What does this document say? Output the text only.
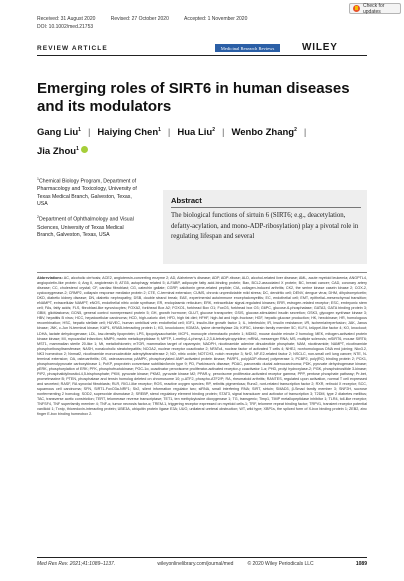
Received: 31 August 2020	Revised: 27 October 2020	Accepted: 1 November 2020
DOI: 10.1002/med.21753
Check for updates
REVIEW ARTICLE	Medicinal Research Reviews	WILEY
Emerging roles of SIRT6 in human diseases and its modulators
Gang Liu$^1$ | Haiying Chen$^1$ | Hua Liu$^2$ | Wenbo Zhang$^2$ |
Jia Zhou$^1$

$^1$Chemical Biology Program, Department of Pharmacology and Toxicology, University of Texas Medical Branch, Galveston, Texas, USA

$^2$Department of Ophthalmology and Visual Sciences, University of Texas Medical Branch, Galveston, Texas, USA

Abstract
The biological functions of sirtuin 6 (SIRT6; e.g., deacetylation, defatty-acylation, and mono-ADP-ribosylation) play a pivotal role in regulating lifespan and several
Abbreviations: AC, alcoholic cirrhosis; ACE2, angiotensin-converting enzyme 2; AD, Alzheimer's disease; ADP, ADP-ribose; ALD, alcohol-related liver disease; AML, acute myeloid leukemia; ANGPTL4, angiopoietin-like protein 4; Ang II, angiotensin II; ATG5, autophagy related 5; A-FABP, adipocyte fatty acid-binding protein; Bax, BCL2-associated X protein; BC, breast cancer; CAD, coronary artery disease; CC, cholesterol crystal; CF, cardiac fibroblast; CG, catechin gallate; CGRP, calcitonin gene-related peptide; CIA, collagen-induced arthritis; CK2, the serine kinase casein kinase 2; COX-2, cyclooxygenase-2; CRMP2, collapsin response mediator protein 2; CTE, C-terminal extension; CUMS, chronic unpredictable mild stress; DC, dendritic cell; DENV, dengue virus; DHM, dihydromyricetin; DKD, diabetic kidney disease; DN, diabetic nephropathy; DSB, double strand break; EAE, experimental autoimmune encephalomyelitis; EC, endothelial cell; EMT, epithelial–mesenchymal transition; eNAMPT, extracellular NAMPT; eNOS, endothelial nitric oxide synthase; ER, endoplasmic reticulum; ERK, extracellular signal-regulated kinases; ERR, estrogen-related receptor; ESC, embryonic stem cell; FAs, fatty acids; FLS, fibroblast-like synoviocytes; FOXA2, forkhead Box A2; FOXO1, forkhead Box O1; FoxO3, forkhead box O3; G6PC, glucose-6-phosphatase; GATA3, GATA binding protein 3; GBM, glioblastoma; GCN5, general control nonrepressed protein 5; GH, growth hormone; GLUT, glucose transporter; GSIS, glucose-stimulated insulin secretion; GSK3, glycogen synthase kinase 3; HBV, hepatitis B virus; HCC, hepatocellular carcinoma; HCD, high-caloric diet; HFD, high fat diet; HFHF, high-fat and high-fructose; HGF, hepatic glucose production; HK, hexokinase; HR, homologous recombination; HSC, hepatic stellate cell; HUVEC, human umbilical vein endothelial cell; IGF1, insulin-like growth factor 1; IL, interleukin; IR, insulin resistance; I/R, ischemia/reperfusion; JAK, Janus kinase; JNK, c-Jun N-terminal kinase; KAP1, KRAB-interacting protein 1; KD, knockdown; KDM2A, lysine demethylase 2A; KIF5C, kinesin family member 5C; KLF4, krüppel-like factor 4; KO, knockout; LDHA, lactate dehydrogenase; LDL, low-density lipoprotein; LPS, lipopolysaccharide; MCP1, monocyte chemotactic protein 1; MDM2, mouse double minute 2 homolog; MEK, mitogen-activated protein kinase kinase; MI, myocardial infarction; MMP9, matrix metallopeptidase 9; MPTP, 1-methyl-4-phenyl-1,2,3,6-tetrahydropyridine; mRNA, messenger RNA; MS, multiple sclerosis; mSIRT6, mouse SIRT6; MST1, mammalian sterile 20-like 1; Mt, metallothionein; mTOR, mammalian target of rapamycin; NADPH, nicotinamide adenine dinucleotide phosphate; NAM, nicotinamide; NAMPT, nicotinamide phosphoribosyltransferase; NASH, nonalcoholic steatohepatitis; NCOA2, nuclear receptor coactivator 2; NFATc4, nuclear factor of activated T cells 4; NHEJ, nonhomologous DNA end joining; Nkx3.2, NK3 homeobox 2; Nnmat2, nicotinamide mononucleotide adenylyltransferase 2; NO, nitric oxide; NOTCH3, notch receptor 3; Nrf2, NF-E2-related factor 2; NSCLC, non-small cell lung cancer; NTE, N-terminal extension; OA, osteoarthritis; OS, osteosarcoma; pAMPK, phosphorylated AMP-activated protein kinase; PARP1, poly(ADP-ribose) polymerase 1; PCBP2, poly(RC) binding protein 2; PCK1, phosphoenolpyruvate carboxykinase 1; PcKP, proprotein convertase subtilisin/kexin type 9; PD, Parkinson's disease; PDAC, pancreatic ductal adenocarcinoma; PDK, pyruvate dehydrogenase kinase; pERK, phosphorylation of ERK; PFK, phosphofructokinase; PGC-1α, coactivator peroxisome proliferator-activated receptor-γ coactivator 1-α; PHD, prolyl hydroxylase-2; PI3K, phosphoinositide 3-kinase; PIP2, phosphatidylinositol-4,5-bisphosphate; PKM, pyruvate kinase; PKM2, pyruvate kinase M2; PPAR-γ, peroxisome proliferator-activated receptor gamma; PPP, pentose phosphate pathway; Pr-bet, prometmaxine B; PTEN, phosphatase and tensin homolog deleted on chromosome 10; p-ATF2, phospho-ATF2/P; RA, rheumatoid arthritis; RANTES, regulated upon activation, normal T cell expressed and secreted; RASF, RA synovial fibroblasts; RLR, RIG-I-like receptor; ROS, reactive oxygen species; RP, retinitis pigmentosa; Runx2, runt-related transcription factor 2; RXR, retinoid X receptor; SCC, squamous cell carcinoma; SFN, SIRT1-FoxO3a-NRF1; Sir2, silent information regulator two; siRNA, small interfering RNA; SIRT, sirtuin; SMAD3, β-Smad family member 3; SNF2H, sucrose nonfermenting 2 homolog; SOD2, superoxide dismutase 2; SREBP, sterol regulatory element binding protein; STAT3, signal transducer and activator of transcription 3; T2DM, type 2 diabetes mellitus; TAC, transverse aortic constriction; TERT, telomerase reverse transcriptase; TET1, ten methylcytosine dioxygenase 1; TG, transgenic; Timp1, TIMP metallopeptidase inhibitor 1; TLR4, toll-like receptor; TNFSF4, TNF superfamily member 4; TNF-α, tumor necrosis factor-α; TREM-1, triggering receptor expressed on myeloid cells-1; TRF, telomere repeat binding factor; TRPV1, transient receptor potential vanilloid 1; Txnip, thioredoxin-interacting protein; UBE3A, ubiquitin protein ligase E3A; UUO, unilateral ureteral obstruction; WT, wild type; XBP1s, the spliced form of X-box binding protein 1; ZEB2, zinc finger E-box binding homeobox 2.
Med Res Rev. 2021;41:1089–1137.	wileyonlinelibrary.com/journal/med	© 2020 Wiley Periodicals LLC	1089
